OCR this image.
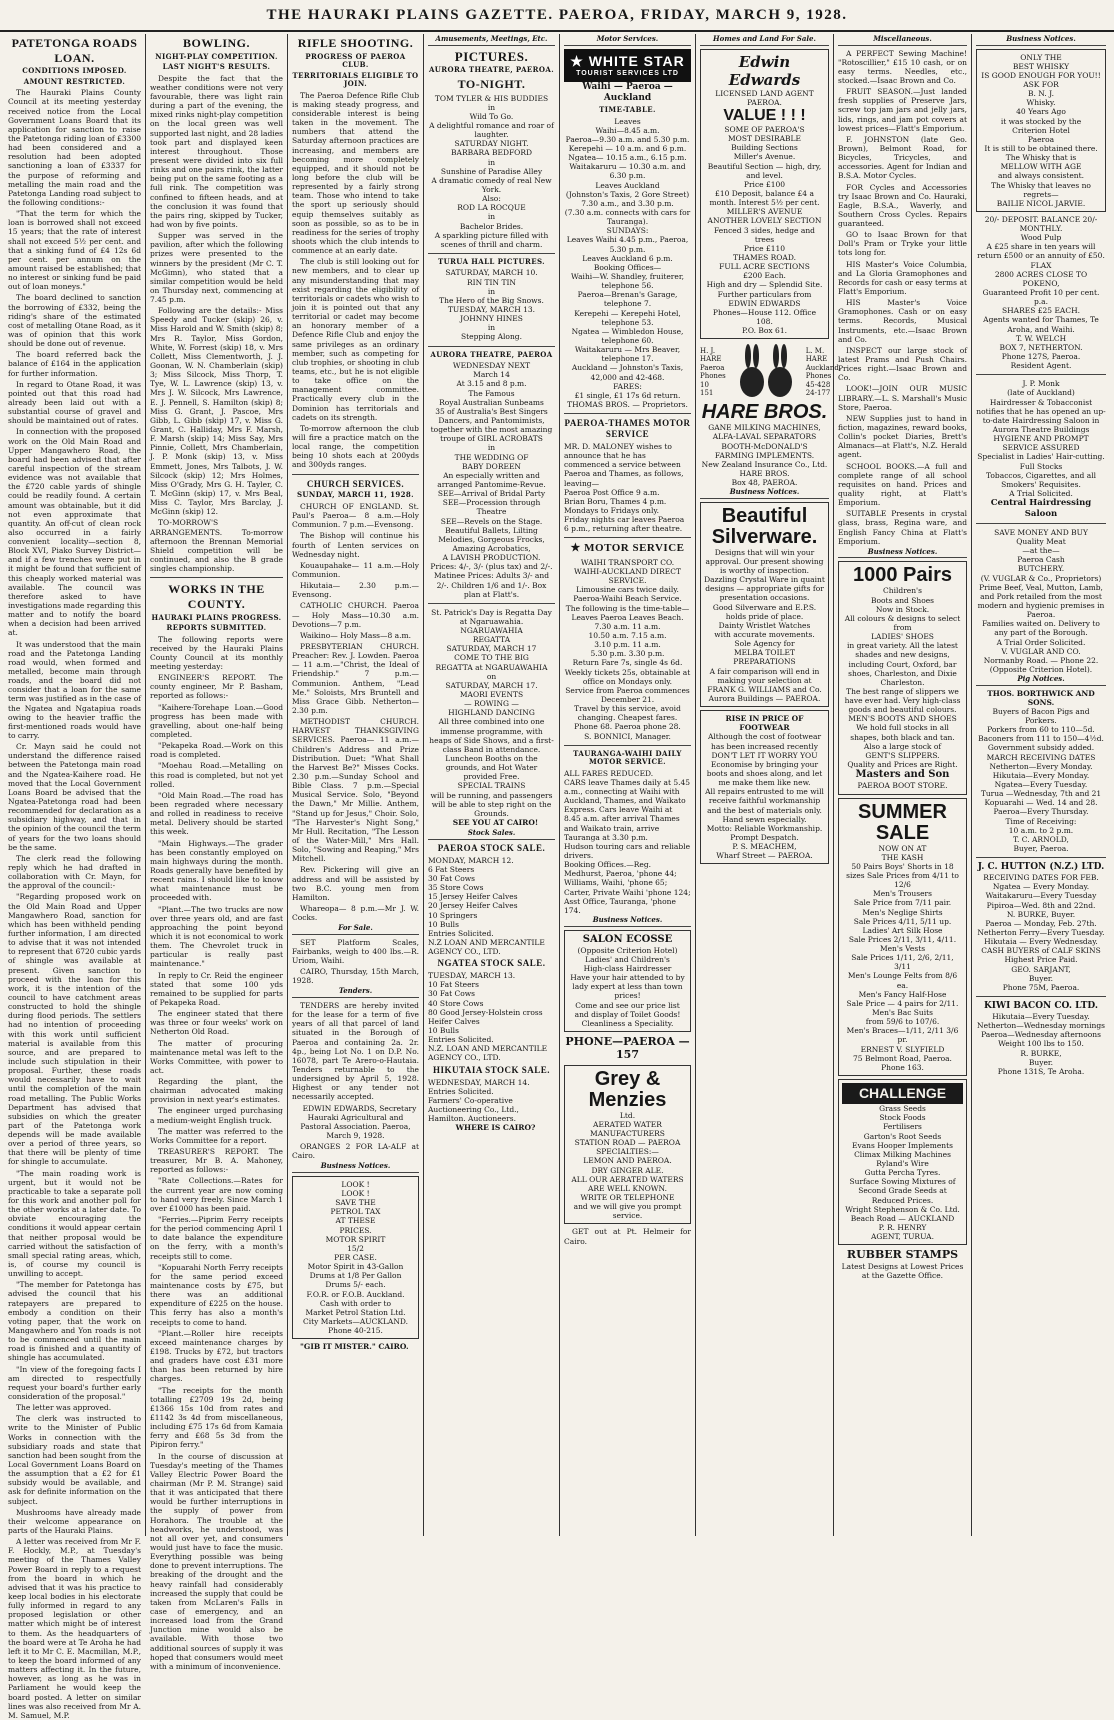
THE HAURAKI PLAINS GAZETTE. PAEROA, FRIDAY, MARCH 9, 1928.
PATETONGA ROADS LOAN.
CONDITIONS IMPOSED.
AMOUNT RESTRICTED.

The Hauraki Plains County Council at its meeting yesterday received notice from the Local Government Loans Board that its application for sanction to raise the Patetonga riding loan of £3300 had been considered and a resolution had been adopted sanctioning a loan of £3337 for the purpose of reforming and metalling the main road and the Patetonga Landing road subject to the following conditions:-

"That the term for which the loan is borrowed shall not exceed 15 years; that the rate of interest shall not exceed 5½ per cent. and that a sinking fund of £4 12s 6d per cent. per annum on the amount raised be established; that no interest or sinking fund be paid out of loan moneys."

The board declined to sanction the borrowing of £332, being the riding's share of the estimated cost of metalling Otane Road, as it was of opinion that this work should be done out of revenue.

The board referred back the balance of £164 in the application for further information.

In regard to Otane Road, it was pointed out that this road had already been laid out with a substantial course of gravel and should be maintained out of rates.

In connection with the proposed work on the Old Main Road and Upper Mangawhero Road, the board had been advised that after careful inspection of the stream evidence was not available that the £720 cable yards of shingle could be readily found. A certain amount was obtainable, but it did not even approximate that quantity. An off-cut of clean rock also occurred in a fairly convenient locality—section 8, Block XVI, Piako Survey District—and if a few trenches were put in it might be found that sufficient of this cheaply worked material was available. The council was therefore asked to have investigations made regarding this matter and to notify the board when a decision had been arrived at.

It was understood that the main road and the Patetonga Landing road would, when formed and metalled, become main through roads, and the board did not consider that a loan for the same term was justified as in the case of the Ngatea and Ngatapiua roads owing to the heavier traffic the first-mentioned roads would have to carry.

Cr. Mayn said he could not understand the difference raised between the Patetonga main road and the Ngatea-Kaihere road. He moved that the Local Government Loans Board be advised that the Ngatea-Patetonga road had been recommended for declaration as a subsidiary highway, and that in the opinion of the council the term of years for the two loans should be the same.

The clerk read the following reply which he had drafted in collaboration with Cr. Mayn, for the approval of the council:-

"Regarding proposed work on the Old Main Road and Upper Mangawhero Road, sanction for which has been withheld pending further information, I am directed to advise that it was not intended to represent that 6720 cubic yards of shingle was available at present. Given sanction to proceed with the loan for this work, it is the intention of the council to have catchment areas constructed to hold the shingle during flood periods. The settlers had no intention of proceeding with this work until sufficient material is available from this source, and are prepared to include such stipulation in their proposal. Further, these roads would necessarily have to wait until the completion of the main road metalling. The Public Works Department has advised that subsidies on which the greater part of the Patetonga work depends will be made available over a period of three years, so that there will be plenty of time for shingle to accumulate.

"The main roading work is urgent, but it would not be practicable to take a separate poll for this work and another poll for the other works at a later date. To obviate encouraging the conditions it would appear certain that neither proposal would be carried without the satisfaction of small special rating areas, which, is, of course my council is unwilling to accept.

"The member for Patetonga has advised the council that his ratepayers are prepared to embody a condition on their voting paper, that the work on Mangawhero and Yon roads is not to be commenced until the main road is finished and a quantity of shingle has accumulated.

"In view of the foregoing facts I am directed to respectfully request your board's further early consideration of the proposal."

The letter was approved.

The clerk was instructed to write to the Minister of Public Works in connection with the subsidiary roads and state that sanction had been sought from the Local Government Loans Board on the assumption that a £2 for £1 subsidy would be available, and ask for definite information on the subject.

Mushrooms have already made their welcome appearance on parts of the Hauraki Plains.

A letter was received from Mr F. F. Hockly, M.P., at Tuesday's meeting of the Thames Valley Power Board in reply to a request from the board in which he advised that it was his practice to keep local bodies in his electorate fully informed in regard to any proposed legislation or other matter which might be of interest to them. As the headquarters of the board were at Te Aroha he had left it to Mr C. E. Macmillan, M.P., to keep the board informed of any matters affecting it. In the future, however, as long as he was in Parliament he would keep the board posted. A letter on similar lines was also received from Mr A. M. Samuel, M.P.

BOWLING.
NIGHT-PLAY COMPETITION.
LAST NIGHT'S RESULTS.

Despite the fact that the weather conditions were not very favourable, there was light rain during a part of the evening, the mixed rinks night-play competition on the local green was well supported last night, and 28 ladies took part and displayed keen interest throughout. Those present were divided into six full rinks and one pairs rink, the latter being put on the same footing as a full rink. The competition was confined to fifteen heads, and at the conclusion it was found that the pairs ring, skipped by Tucker, had won by five points.

Supper was served in the pavilion, after which the following prizes were presented to the winners by the president (Mr C. T. McGimn), who stated that a similar competition would be held on Thursday next, commencing at 7.45 p.m.

Following are the details:- Miss Speedy and Tucker (skip) 26, v. Miss Harold and W. Smith (skip) 8; Mrs R. Taylor, Miss Gordon, White, W. Forrest (skip) 18, v. Mrs Collett, Miss Clementworth, J. J. Goonan, W. N. Chamberlain (skip) 3; Miss Silcock, Miss Thorp, T. Tye, W. L. Lawrence (skip) 13, v. Mrs J. W. Silcock, Mrs Lawrence, E. J. Pennell, S. Hamilton (skip) 8; Miss G. Grant, J. Pascoe, Mrs Gibb, L. Gibb (skip) 17, v. Miss G. Grant, C. Halliday, Mrs F. Marsh, F. Marsh (skip) 14; Miss Say, Mrs Pinnie, Collett, Mrs Chamberlain, J. P. Monk (skip) 13, v. Miss Emmett, Jones, Mrs Talbots, J. W. Silcock (skip) 12; Mrs Holmes, Miss O'Grady, Mrs G. H. Tayler, C. T. McGinn (skip) 17, v. Mrs Beal, Miss C. Taylor, Mrs Barclay, J. McGinn (skip) 12.

TO-MORROW'S ARRANGEMENTS. To-morrow afternoon the Brennan Memorial Shield competition will be continued, and also the B grade singles championship.

WORKS IN THE COUNTY.
HAURAKI PLAINS PROGRESS.
REPORTS SUBMITTED.

The following reports were received by the Hauraki Plains County Council at its monthly meeting yesterday:

ENGINEER'S REPORT. The county engineer, Mr P. Basham, reported as follows:-

"Kaihere-Torehape Loan.—Good progress has been made with gravelling, about one-half being completed.

"Pekapeka Road.—Work on this road is completed.

"Moehau Road.—Metalling on this road is completed, but not yet rolled.

"Old Main Road.—The road has been regraded where necessary and rolled in readiness to receive metal. Delivery should be started this week.

"Main Highways.—The grader has been constantly employed on main highways during the month. Roads generally have benefited by recent rains. I should like to know what maintenance must be proceeded with.

"Plant.—The two trucks are now over three years old, and are fast approaching the point beyond which it is not economical to work them. The Chevrolet truck in particular is really past maintenance."

In reply to Cr. Reid the engineer stated that some 100 yds remained to be supplied for parts of Pekapeka Road.

The engineer stated that there was three or four weeks' work on Netherton Old Road.

The matter of procuring maintenance metal was left to the Works Committee, with power to act.

Regarding the plant, the chairman advocated making provision in next year's estimates.

The engineer urged purchasing a medium-weight English truck.

The matter was referred to the Works Committee for a report.

TREASURER'S REPORT. The treasurer, Mr B. A. Mahoney, reported as follows:-

"Rate Collections.—Rates for the current year are now coming to hand very freely. Since March 1 over £1000 has been paid.

"Ferries.—Piprim Ferry receipts for the period commencing April 1 to date balance the expenditure on the ferry, with a month's receipts still to come.

"Kopuarahi North Ferry receipts for the same period exceed maintenance costs by £75, but there was an additional expenditure of £225 on the house. This ferry has also a month's receipts to come to hand.

"Plant.—Roller hire receipts exceed maintenance charges by £198. Trucks by £72, but tractors and graders have cost £31 more than has been returned by hire charges.

"The receipts for the month totalling £2709 19s 2d, being £1366 15s 10d from rates and £1142 3s 4d from miscellaneous, including £75 17s 6d from Kamaia ferry and £68 5s 3d from the Pipiron ferry."

In the course of discussion at Tuesday's meeting of the Thames Valley Electric Power Board the chairman (Mr P. M. Strange) said that it was anticipated that there would be further interruptions in the supply of power from Horahora. The trouble at the headworks, he understood, was not all over yet, and consumers would just have to face the music. Everything possible was being done to prevent interruptions. The breaking of the drought and the heavy rainfall had considerably increased the supply that could be taken from McLaren's Falls in case of emergency, and an increased load from the Grand Junction mine would also be available. With those two additional sources of supply it was hoped that consumers would meet with a minimum of inconvenience.

RIFLE SHOOTING.
PROGRESS OF PAEROA CLUB.
TERRITORIALS ELIGIBLE TO JOIN.

The Paeroa Defence Rifle Club is making steady progress, and considerable interest is being taken in the movement. The numbers that attend the Saturday afternoon practices are increasing, and members are becoming more completely equipped, and it should not be long before the club will be represented by a fairly strong team. Those who intend to take the sport up seriously should equip themselves suitably as soon as possible, so as to be in readiness for the series of trophy shoots which the club intends to commence at an early date.

The club is still looking out for new members, and to clear up any misunderstanding that may exist regarding the eligibility of territorials or cadets who wish to join it is pointed out that any territorial or cadet may become an honorary member of a Defence Rifle Club and enjoy the same privileges as an ordinary member, such as competing for club trophies, or shooting in club teams, etc., but he is not eligible to take office on the management committee. Practically every club in the Dominion has territorials and cadets on its strength.

To-morrow afternoon the club will fire a practice match on the local range, the competition being 10 shots each at 200yds and 300yds ranges.

CHURCH SERVICES.
SUNDAY, MARCH 11, 1928.

CHURCH OF ENGLAND. St. Paul's Paeroa— 8 a.m.—Holy Communion. 7 p.m.—Evensong.

The Bishop will continue his fourth of Lenten services on Wednesday night.

Kouaupahake— 11 a.m.—Holy Communion.

Hikutaia— 2.30 p.m.—Evensong.

CATHOLIC CHURCH. Paeroa— Holy Mass—10.30 a.m. Devotions—7 p.m.

Waikino— Holy Mass—8 a.m.

PRESBYTERIAN CHURCH. Preacher: Rev. J. Lowden. Paeroa— 11 a.m.—"Christ, the Ideal of Friendship." 7 p.m.—Communion. Anthem, "Lead Me." Soloists, Mrs Bruntell and Miss Grace Gibb. Netherton—2.30 p.m.

METHODIST CHURCH. HARVEST THANKSGIVING SERVICES. Paeroa— 11 a.m.—Children's Address and Prize Distribution. Duet: "What Shall the Harvest Be?" Misses Cocks. 2.30 p.m.—Sunday School and Bible Class. 7 p.m.—Special Musical Service. Solo, "Beyond the Dawn," Mr Millie. Anthem, "Stand up for Jesus," Choir. Solo, "The Harvester's Night Song," Mr Hull. Recitation, "The Lesson of the Water-Mill," Mrs Hall. Solo, "Sowing and Reaping," Mrs Mitchell.

Rev. Pickering will give an address and will be assisted by two B.C. young men from Hamilton.

Whareopa— 8 p.m.—Mr J. W. Cocks.

For Sale.

SET Platform Scales, Fairbanks, weigh to 400 lbs.—R. Uriom, Waihi.

CAIRO, Thursday, 15th March, 1928.

Tenders.

TENDERS are hereby invited for the lease for a term of five years of all that parcel of land situated in the Borough of Paeroa and containing 2a. 2r. 4p., being Lot No. 1 on D.P. No. 16078, part Te Arero-o-Hautaia. Tenders returnable to the undersigned by April 5, 1928. Highest or any tender not necessarily accepted.

EDWIN EDWARDS, Secretary Hauraki Agricultural and Pastoral Association. Paeroa, March 9, 1928.

ORANGES 2 FOR LA-ALF at Cairo.

Business Notices.
LOOK !
LOOK !
SAVE THE
PETROL TAX
AT THESE
PRICES.
MOTOR SPIRIT
15/2
PER CASE.
Motor Spirit in 43-Gallon Drums at 1/8 Per Gallon
Drums 5/- each.
F.O.R. or F.O.B. Auckland.
Cash with order to
Market Petrol Station Ltd.
City Markets—AUCKLAND.
Phone 40-215.

"GIB IT MISTER." CAIRO.

Amusements, Meetings, Etc.
PICTURES.
AURORA THEATRE, PAEROA.
TO-NIGHT.
TOM TYLER & HIS BUDDIES
in
Wild To Go.
A delightful romance and roar of laughter.
SATURDAY NIGHT.
BARBARA BEDFORD
in
Sunshine of Paradise Alley
A dramatic comedy of real New York.
Also:
ROD LA ROCQUE
in
Bachelor Brides.
A sparkling picture filled with scenes of thrill and charm.
TURUA HALL PICTURES.
SATURDAY, MARCH 10.
RIN TIN TIN
in
The Hero of the Big Snows.
TUESDAY, MARCH 13.
JOHNNY HINES
in
Stepping Along.
AURORA THEATRE, PAEROA
WEDNESDAY NEXT
March 14
At 3.15 and 8 p.m.
The Famous
Royal Australian Sunbeams
35 of Australia's Best Singers Dancers, and Pantomimists, together with the most amazing troupe of GIRL ACROBATS
in
THE WEDDING OF
BABY DOREEN
An especially written and arranged Pantomime-Revue.
SEE—Arrival of Bridal Party
SEE—Procession through Theatre
SEE—Revels on the Stage.
Beautiful Ballets, Lilting Melodies, Gorgeous Frocks, Amazing Acrobatics,
A LAVISH PRODUCTION.
Prices: 4/-, 3/- (plus tax) and 2/-. Matinee Prices: Adults 3/- and 2/-. Children 1/6 and 1/-. Box plan at Flatt's.
St. Patrick's Day is Regatta Day at Ngaruawahia.
NGARUAWAHIA
REGATTA
SATURDAY, MARCH 17
COME TO THE BIG
REGATTA at NGARUAWAHIA
on
SATURDAY, MARCH 17.
MAORI EVENTS
— ROWING —
HIGHLAND DANCING
All three combined into one immense programme, with heaps of Side Shows, and a first-class Band in attendance.
Luncheon Booths on the grounds, and Hot Water provided Free.
SPECIAL TRAINS
will be running, and passengers will be able to step right on the Grounds.

SEE YOU AT CAIRO!

Stock Sales.
PAEROA STOCK SALE.
MONDAY, MARCH 12.
6 Fat Steers
30 Fat Cows
35 Store Cows
15 Jersey Heifer Calves
20 Jersey Heifer Calves
10 Springers
10 Bulls
Entries Solicited.
N.Z LOAN AND MERCANTILE AGENCY CO., LTD.
NGATEA STOCK SALE.
TUESDAY, MARCH 13.
10 Fat Steers
30 Fat Cows
40 Store Cows
80 Good Jersey-Holstein cross Heifer Calves
10 Bulls
Entries Solicited.
N.Z. LOAN AND MERCANTILE AGENCY CO., LTD.
HIKUTAIA STOCK SALE.
WEDNESDAY, MARCH 14.
Entries Solicited.
Farmers' Co-operative Auctioneering Co., Ltd., Hamilton. Auctioneers.

WHERE IS CAIRO?

Motor Services.
★ WHITE STAR
TOURIST SERVICES LTD
Waihi — Paeroa — Auckland
TIME-TABLE.
Leaves
Waihi—8.45 a.m.
Paeroa—9.30 a.m. and 5.30 p.m.
Kerepehi — 10 a.m. and 6 p.m.
Ngatea— 10.15 a.m., 6.15 p.m.
Waitakaruru — 10.30 a.m. and 6.30 p.m.
Leaves Auckland
(Johnston's Taxis, 2 Gore Street)
7.30 a.m., and 3.30 p.m.
(7.30 a.m. connects with cars for Tauranga).
SUNDAYS:
Leaves Waihi 4.45 p.m., Paeroa, 5.30 p.m.
Leaves Auckland 6 p.m.
Booking Offices—
Waihi—W. Shandley, fruiterer, telephone 56.
Paeroa—Brenan's Garage, telephone 7.
Kerepehi — Kerepehi Hotel, telephone 53.
Ngatea — Wimbledon House, telephone 60.
Waitakaruru — Mrs Beaver, telephone 17.
Auckland — Johnston's Taxis, 42,000 and 42-468.
FARES:
£1 single, £1 17s 6d return.
THOMAS BROS. — Proprietors.
PAEROA-THAMES MOTOR SERVICE
MR. D. MALONEY wishes to announce that he has commenced a service between Paeroa and Thames, as follows, leaving—
Paeroa Post Office 9 a.m.
Brian Boru, Thames 4 p.m.
Mondays to Fridays only.
Friday nights car leaves Paeroa 6 p.m., returning after theatre.
★ MOTOR SERVICE
WAIHI TRANSPORT CO.
WAIHI-AUCKLAND DIRECT SERVICE.
Limousine cars twice daily.
Paeroa-Waihi Beach Service.
The following is the time-table—
Leaves Paeroa Leaves Beach.
7.30 a.m. 11 a.m.
10.50 a.m. 7.15 a.m.
3.10 p.m. 11 a.m.
5.30 p.m. 3.30 p.m.
Return Fare 7s, single 4s 6d.
Weekly tickets 25s, obtainable at office on Mondays only.
Service from Paeroa commences December 21.
Travel by this service, avoid changing. Cheapest fares.
Phone 68. Paeroa phone 28.
S. BONNICI, Manager.
TAURANGA-WAIHI DAILY MOTOR SERVICE.
ALL FARES REDUCED.
CARS leave Thames daily at 5.45 a.m., connecting at Waihi with Auckland, Thames, and Waikato Express. Cars leave Waihi at 8.45 a.m. after arrival Thames and Waikato train, arrive Tauranga at 3.30 p.m.
Hudson touring cars and reliable drivers.
Booking Offices.—Reg. Medhurst, Paeroa, 'phone 44; Williams, Waihi, 'phone 65; Carter, Private Waihi 'phone 124; Asst Office, Tauranga, 'phone 174.
Business Notices.
SALON ECOSSE
(Opposite Criterion Hotel)
Ladies' and Children's
High-class Hairdresser
Have your hair attended to by lady expert at less than town prices!
Come and see our price list and display of Toilet Goods!
Cleanliness a Speciality.
PHONE—PAEROA —157
Grey & Menzies
Ltd.
AERATED WATER
MANUFACTURERS
STATION ROAD — PAEROA
SPECIALTIES:—
LEMON AND PAEROA.
DRY GINGER ALE.
ALL OUR AERATED WATERS
ARE WELL KNOWN.
WRITE OR TELEPHONE
and we will give you prompt service.

GET out at Pt. Helmeir for Cairo.

Homes and Land For Sale.
Edwin Edwards
LICENSED LAND AGENT
PAEROA.
VALUE ! ! !
SOME OF PAEROA'S
MOST DESIRABLE
Building Sections
Miller's Avenue.
Beautiful Section — high, dry, and level.
Price £100
£10 Deposit, balance £4 a month. Interest 5½ per cent.
MILLER'S AVENUE
ANOTHER LOVELY SECTION
Fenced 3 sides, hedge and trees
Price £110
THAMES ROAD.
FULL ACRE SECTIONS
£200 Each.
High and dry — Splendid Site.
Further particulars from
EDWIN EDWARDS
Phones—House 112. Office 108.
P.O. Box 61.
H. J.
HARE
Paeroa
Phones
10
151
L. M.
HARE
Auckland.
Phones
45-428
24-177
HARE BROS.
GANE MILKING MACHINES,
ALFA-LAVAL SEPARATORS
BOOTH-McDONALD'S
FARMING IMPLEMENTS.
New Zealand Insurance Co., Ltd.
HARE BROS.
Box 48, PAEROA.
Business Notices.
Beautiful Silverware.
Designs that will win your approval. Our present showing is worthy of inspection.
Dazzling Crystal Ware in quaint designs — appropriate gifts for presentation occasions.
Good Silverware and E.P.S. holds pride of place.
Dainty Wristlet Watches
with accurate movements.
Sole Agency for
MELBA TOILET PREPARATIONS
A fair comparison will end in making your selection at
FRANK G. WILLIAMS and Co.
Aurora Buildings — PAEROA.
RISE IN PRICE OF FOOTWEAR
Although the cost of footwear has been increased recently
DON'T LET IT WORRY YOU
Economise by bringing your boots and shoes along, and let me make them like new.
All repairs entrusted to me will receive faithful workmanship and the best of materials only. Hand sewn especially.
Motto: Reliable Workmanship. Prompt Despatch.
P. S. MEACHEM,
Wharf Street — PAEROA.
Miscellaneous.

A PERFECT Sewing Machine! "Rotoscillier," £15 10 cash, or on easy terms. Needles, etc., stocked.—Isaac Brown and Co.

FRUIT SEASON.—Just landed fresh supplies of Preserve Jars, screw top jam jars and jelly jars, lids, rings, and jam pot covers at lowest prices—Flatt's Emporium.

F. JOHNSTON (late Geo. Brown), Belmont Road, for Bicycles, Tricycles, and accessories. Agent for Indian and B.S.A. Motor Cycles.

FOR Cycles and Accessories try Isaac Brown and Co. Hauraki, Eagle, B.S.A., Waverly, and Southern Cross Cycles. Repairs guaranteed.

GO to Isaac Brown for that Doll's Pram or Tryke your little tots long for.

HIS Master's Voice Columbia, and La Gloria Gramophones and Records for cash or easy terms at Flatt's Emporium.

HIS Master's Voice Gramophones. Cash or on easy terms. Records, Musical Instruments, etc.—Isaac Brown and Co.

INSPECT our large stock of latest Prams and Push Chairs. Prices right.—Isaac Brown and Co.

LOOK!—JOIN OUR MUSIC LIBRARY.—L. S. Marshall's Music Store, Paeroa.

NEW Supplies just to hand in fiction, magazines, reward books, Collin's pocket Diaries, Brett's Almanacs—at Flatt's, N.Z. Herald agent.

SCHOOL BOOKS.—A full and complete range of all school requisites on hand. Prices and quality right, at Flatt's Emporium.

SUITABLE Presents in crystal glass, brass, Regina ware, and English Fancy China at Flatt's Emporium.

Business Notices.
1000 Pairs
Children's
Boots and Shoes
Now in Stock.
All colours & designs to select from
LADIES' SHOES
in great variety. All the latest shades and new designs, including Court, Oxford, bar shoes, Charleston, and Dixie Charleston.
The best range of slippers we have ever had. Very high-class goods and beautiful colours.
MEN'S BOOTS AND SHOES
We hold full stocks in all shapes, both black and tan.
Also a large stock of
GENT'S SLIPPERS.
Quality and Prices are Right.
Masters and Son
PAEROA BOOT STORE.
SUMMER SALE
NOW ON AT
THE KASH
50 Pairs Boys' Shorts in 18 sizes Sale Prices from 4/11 to 12/6
Men's Trousers
Sale Price from 7/11 pair.
Men's Neglige Shirts
Sale Prices 4/11, 5/11 up.
Ladies' Art Silk Hose
Sale Prices 2/11, 3/11, 4/11.
Men's Vests
Sale Prices 1/11, 2/6, 2/11, 3/11
Men's Lounge Felts from 8/6 ea.
Men's Fancy Half-Hose
Sale Price — 4 pairs for 2/11.
Men's Bac Suits
from 59/6 to 107/6.
Men's Braces—1/11, 2/11 3/6 pr.
ERNEST V. SLYFIELD
75 Belmont Road, Paeroa.
Phone 163.
CHALLENGE
Grass Seeds
Stock Foods
Fertilisers
Garton's Root Seeds
Evans Hooper Implements
Climax Milking Machines
Ryland's Wire
Gutta Percha Tyres.
Surface Sowing Mixtures of Second Grade Seeds at Reduced Prices.
Wright Stephenson & Co. Ltd.
Beach Road — AUCKLAND
P. R. HENRY
AGENT, TURUA.
RUBBER STAMPS
Latest Designs at Lowest Prices at the Gazette Office.
Business Notices.
ONLY THE
BEST WHISKY
IS GOOD ENOUGH FOR YOU!!
ASK FOR
B. N. J.
Whisky.
40 Years Ago
it was stocked by the
Criterion Hotel
Paeroa
It is still to be obtained there.
The Whisky that is
MELLOW WITH AGE
and always consistent.
The Whisky that leaves no regrets—
BAILIE NICOL JARVIE.
20/- DEPOSIT. BALANCE 20/- MONTHLY.
Wood Pulp
A £25 share in ten years will return £500 or an annuity of £50.
FLAX
2800 ACRES CLOSE TO POKENO,
Guaranteed Profit 10 per cent. p.a.
SHARES £25 EACH.
Agents wanted for Thames, Te Aroha, and Waihi.
T. W. WELCH
BOX 7, NETHERTON.
Phone 127S, Paeroa.
Resident Agent.
J. P. Monk
(late of Auckland)
Hairdresser & Tobacconist
notifies that he has opened an up-to-date Hairdressing Saloon in Aurora Theatre Buildings
HYGIENE AND PROMPT SERVICE ASSURED
Specialist in Ladies' Hair-cutting.
Full Stocks
Tobaccos, Cigarettes, and all Smokers' Requisites.
A Trial Solicited.
Central Hairdressing Saloon
SAVE MONEY AND BUY
Quality Meat
—at the—
Paeroa Cash
BUTCHERY.
(V. VUGLAR & Co., Proprietors)
Prime Beef, Veal, Mutton, Lamb, and Pork retailed from the most modern and hygienic premises in Paeroa.
Families waited on. Delivery to any part of the Borough.
A Trial Order Solicited.
V. VUGLAR AND CO.
Normanby Road. — Phone 22.
(Opposite Criterion Hotel).
Pig Notices.
THOS. BORTHWICK AND SONS.
Buyers of Bacon Pigs and Porkers.
Porkers from 60 to 110—5d.
Baconers from 111 to 150—4½d.
Government subsidy added.
MARCH RECEIVING DATES
Netherton—Every Monday.
Hikutaia—Every Monday.
Ngatea—Every Tuesday.
Turua —Wednesday, 7th and 21
Kopuarahi — Wed. 14 and 28.
Paeroa—Every Thursday.
Time of Receiving:
10 a.m. to 2 p.m.
T. C. ARNOLD,
Buyer, Paeroa.
J. C. HUTTON (N.Z.) LTD.
RECEIVING DATES FOR FEB.
Ngatea — Every Monday.
Waitakaruru—Every Tuesday
Pipiroa—Wed. 8th and 22nd.
N. BURKE, Buyer.
Paeroa — Monday, Feb. 27th.
Netherton Ferry—Every Tuesday.
Hikutaia — Every Wednesday.
CASH BUYERS of CALF SKINS
Highest Price Paid.
GEO. SARJANT,
Buyer.
Phone 75M, Paeroa.
KIWI BACON CO. LTD.
Hikutaia—Every Tuesday.
Netherton—Wednesday mornings
Paeroa—Wednesday afternoons
Weight 100 lbs to 150.
R. BURKE,
Buyer.
Phone 131S, Te Aroha.
